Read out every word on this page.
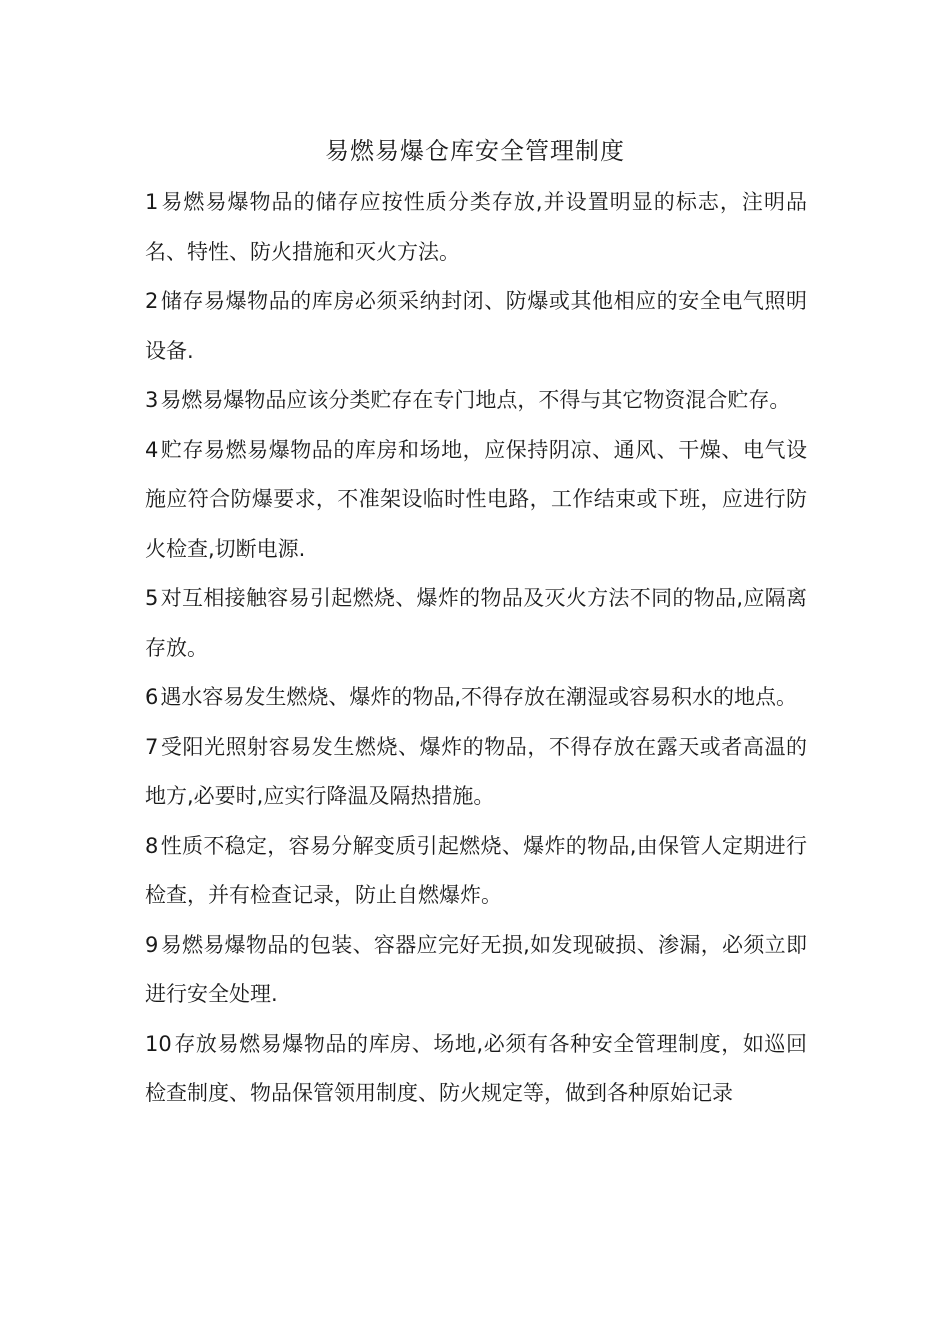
易燃易爆仓库安全管理制度

1易燃易爆物品的储存应按性质分类存放,并设置明显的标志，注明品名、特性、防火措施和灭火方法。

2储存易爆物品的库房必须采纳封闭、防爆或其他相应的安全电气照明设备.

3易燃易爆物品应该分类贮存在专门地点，不得与其它物资混合贮存。

4贮存易燃易爆物品的库房和场地，应保持阴凉、通风、干燥、电气设施应符合防爆要求，不准架设临时性电路，工作结束或下班，应进行防火检查,切断电源.

5对互相接触容易引起燃烧、爆炸的物品及灭火方法不同的物品,应隔离存放。

6遇水容易发生燃烧、爆炸的物品,不得存放在潮湿或容易积水的地点。

7受阳光照射容易发生燃烧、爆炸的物品，不得存放在露天或者高温的地方,必要时,应实行降温及隔热措施。

8性质不稳定，容易分解变质引起燃烧、爆炸的物品,由保管人定期进行检查，并有检查记录，防止自燃爆炸。

9易燃易爆物品的包装、容器应完好无损,如发现破损、渗漏，必须立即进行安全处理.

10存放易燃易爆物品的库房、场地,必须有各种安全管理制度，如巡回检查制度、物品保管领用制度、防火规定等，做到各种原始记录
